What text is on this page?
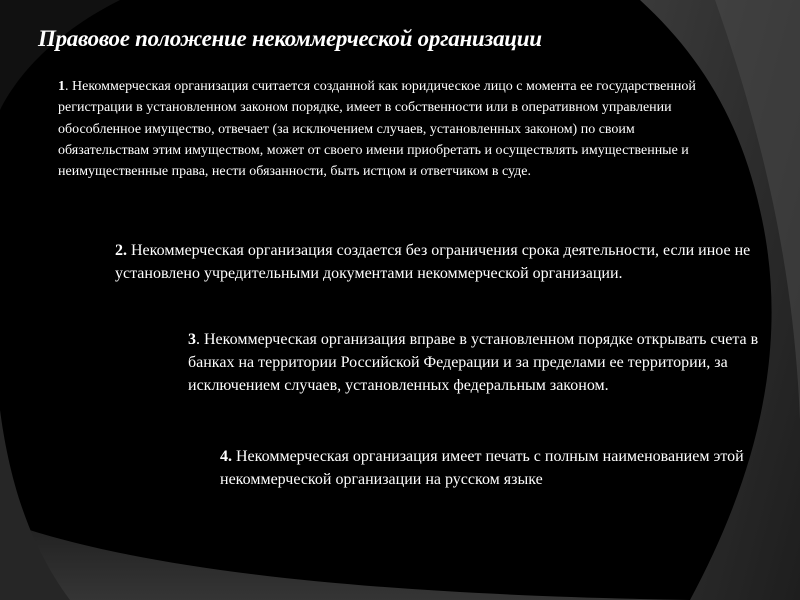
Правовое положение некоммерческой организации

1. Некоммерческая организация считается созданной как юридическое лицо с момента ее государственной регистрации в установленном законом порядке, имеет в собственности или в оперативном управлении обособленное имущество, отвечает (за исключением случаев, установленных законом) по своим обязательствам этим имуществом, может от своего имени приобретать и осуществлять имущественные и неимущественные права, нести обязанности, быть истцом и ответчиком в суде.

2. Некоммерческая организация создается без ограничения срока деятельности, если иное не установлено учредительными документами некоммерческой организации.

3. Некоммерческая организация вправе в установленном порядке открывать счета в банках на территории Российской Федерации и за пределами ее территории, за исключением случаев, установленных федеральным законом.

4. Некоммерческая организация имеет печать с полным наименованием этой некоммерческой организации на русском языке
